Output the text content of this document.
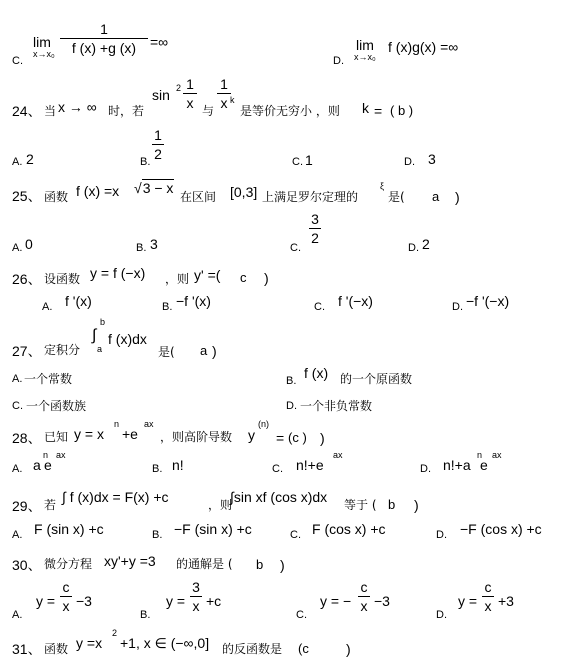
C.
lim
x→x₀
1
f (x) +g (x) =∞
D.
lim
x→x₀
f (x)g(x) =∞
24、 当 x → ∞ 时，若
sin 2 1
x 与
1
x k
是等价无穷小 ，则 k = ( b )
A. 2	B.
1
2	C. 1	D. 3
25、 函数 f (x) =x √3 − x
在区间 [0,3] 上满足罗尔定理的
ξ
是( a )
A. 0	B. 3	C.
3
2
D. 2
26、 设函数 y = f (−x) ，则 y' =( c )
A. f '(x)	B. −f '(x)	C. f '(−x)	D. −f '(−x)
27、 定积分
b
∫
a
f (x)dx
是( a )
A. 一个常数	B. f (x) 的一个原函数
C. 一个函数族	D. 一个非负常数
28、 已知 y = x
n
+e
ax
，则高阶导数 y
(n)
= (c ) )
A. a
n
e
ax
B. n!	C. n!+e
ax
D. n!+a
n
e
ax
29、 若 ∫ f (x)dx = F(x) +c	，则
∫sin xf (cos x)dx 等于 ( b )
A. F (sin x) +c	B. −F (sin x) +c	C. F (cos x) +c	D. −F (cos x) +c
30、 微分方程 xy'+y =3 的通解是 ( b )
A.
y =
c
x −3
B.
y =
3
x +c
C.
y = −
c
x −3
D.
y =
c
x +3
31、 函数 y =x
2
+1, x ∈ (−∞,0] 的反函数是 (c	)
